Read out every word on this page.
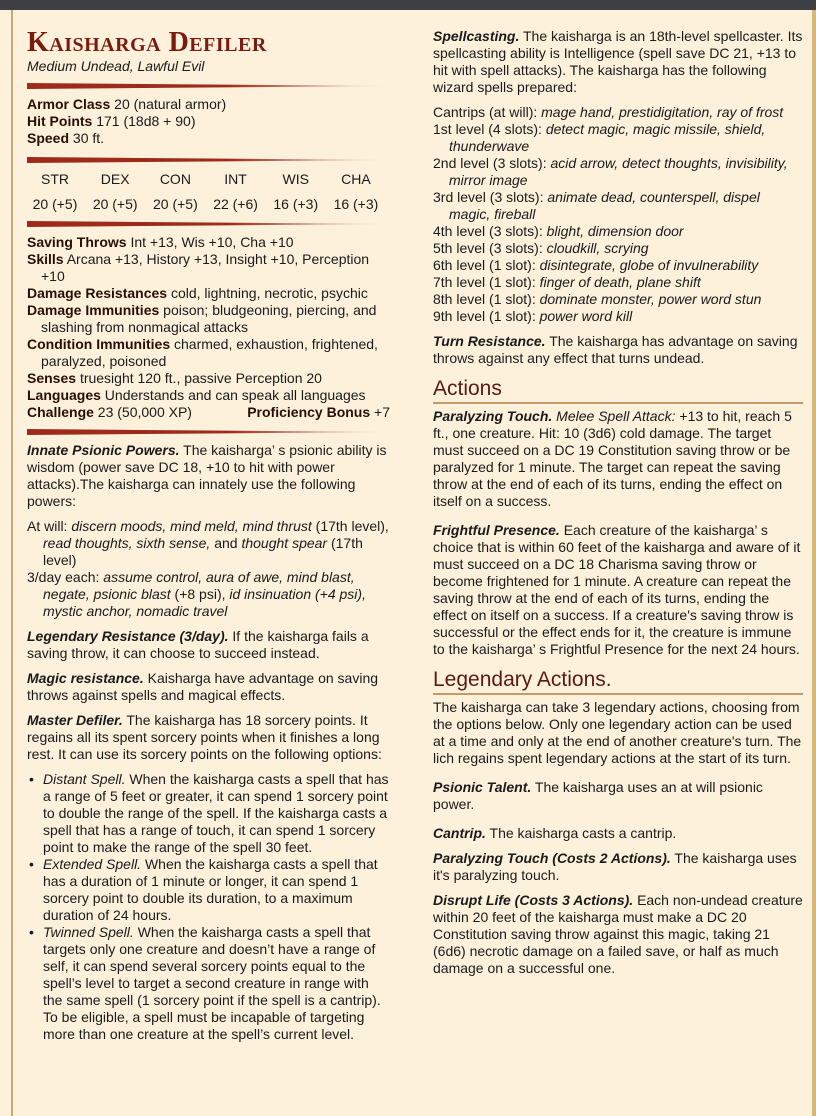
Kaisharga Defiler
Medium Undead, Lawful Evil
Armor Class 20 (natural armor)
Hit Points 171 (18d8 + 90)
Speed 30 ft.
STR
20 (+5)
DEX
20 (+5)
CON
20 (+5)
INT
22 (+6)
WIS
16 (+3)
CHA
16 (+3)
Saving Throws Int +13, Wis +10, Cha +10
Skills Arcana +13, History +13, Insight +10, Perception +10
Damage Resistances cold, lightning, necrotic, psychic
Damage Immunities poison; bludgeoning, piercing, and slashing from nonmagical attacks
Condition Immunities charmed, exhaustion, frightened, paralyzed, poisoned
Senses truesight 120 ft., passive Perception 20
Languages Understands and can speak all languages
Challenge 23 (50,000 XP)	Proficiency Bonus +7
Innate Psionic Powers. The kaisharga’ s psionic ability is wisdom (power save DC 18, +10 to hit with power attacks).The kaisharga can innately use the following powers:
At will: discern moods, mind meld, mind thrust (17th level), read thoughts, sixth sense, and thought spear (17th level)
3/day each: assume control, aura of awe, mind blast, negate, psionic blast (+8 psi), id insinuation (+4 psi), mystic anchor, nomadic travel
Legendary Resistance (3/day). If the kaisharga fails a saving throw, it can choose to succeed instead.
Magic resistance. Kaisharga have advantage on saving throws against spells and magical effects.
Master Defiler. The kaisharga has 18 sorcery points. It regains all its spent sorcery points when it finishes a long rest. It can use its sorcery points on the following options:
• Distant Spell. When the kaisharga casts a spell that has a range of 5 feet or greater, it can spend 1 sorcery point to double the range of the spell. If the kaisharga casts a spell that has a range of touch, it can spend 1 sorcery point to make the range of the spell 30 feet.
• Extended Spell. When the kaisharga casts a spell that has a duration of 1 minute or longer, it can spend 1 sorcery point to double its duration, to a maximum duration of 24 hours.
• Twinned Spell. When the kaisharga casts a spell that targets only one creature and doesn’t have a range of self, it can spend several sorcery points equal to the spell’s level to target a second creature in range with the same spell (1 sorcery point if the spell is a cantrip). To be eligible, a spell must be incapable of targeting more than one creature at the spell’s current level.
Spellcasting. The kaisharga is an 18th-level spellcaster. Its spellcasting ability is Intelligence (spell save DC 21, +13 to hit with spell attacks). The kaisharga has the following wizard spells prepared:
Cantrips (at will): mage hand, prestidigitation, ray of frost
1st level (4 slots): detect magic, magic missile, shield, thunderwave
2nd level (3 slots): acid arrow, detect thoughts, invisibility, mirror image
3rd level (3 slots): animate dead, counterspell, dispel magic, fireball
4th level (3 slots): blight, dimension door
5th level (3 slots): cloudkill, scrying
6th level (1 slot): disintegrate, globe of invulnerability
7th level (1 slot): finger of death, plane shift
8th level (1 slot): dominate monster, power word stun
9th level (1 slot): power word kill
Turn Resistance. The kaisharga has advantage on saving throws against any effect that turns undead.
Actions
Paralyzing Touch. Melee Spell Attack: +13 to hit, reach 5 ft., one creature. Hit: 10 (3d6) cold damage. The target must succeed on a DC 19 Constitution saving throw or be paralyzed for 1 minute. The target can repeat the saving throw at the end of each of its turns, ending the effect on itself on a success.
Frightful Presence. Each creature of the kaisharga’ s choice that is within 60 feet of the kaisharga and aware of it must succeed on a DC 18 Charisma saving throw or become frightened for 1 minute. A creature can repeat the saving throw at the end of each of its turns, ending the effect on itself on a success. If a creature's saving throw is successful or the effect ends for it, the creature is immune to the kaisharga’ s Frightful Presence for the next 24 hours.
Legendary Actions.
The kaisharga can take 3 legendary actions, choosing from the options below. Only one legendary action can be used at a time and only at the end of another creature's turn. The lich regains spent legendary actions at the start of its turn.
Psionic Talent. The kaisharga uses an at will psionic power.
Cantrip. The kaisharga casts a cantrip.
Paralyzing Touch (Costs 2 Actions). The kaisharga uses it's paralyzing touch.
Disrupt Life (Costs 3 Actions). Each non-undead creature within 20 feet of the kaisharga must make a DC 20 Constitution saving throw against this magic, taking 21 (6d6) necrotic damage on a failed save, or half as much damage on a successful one.
